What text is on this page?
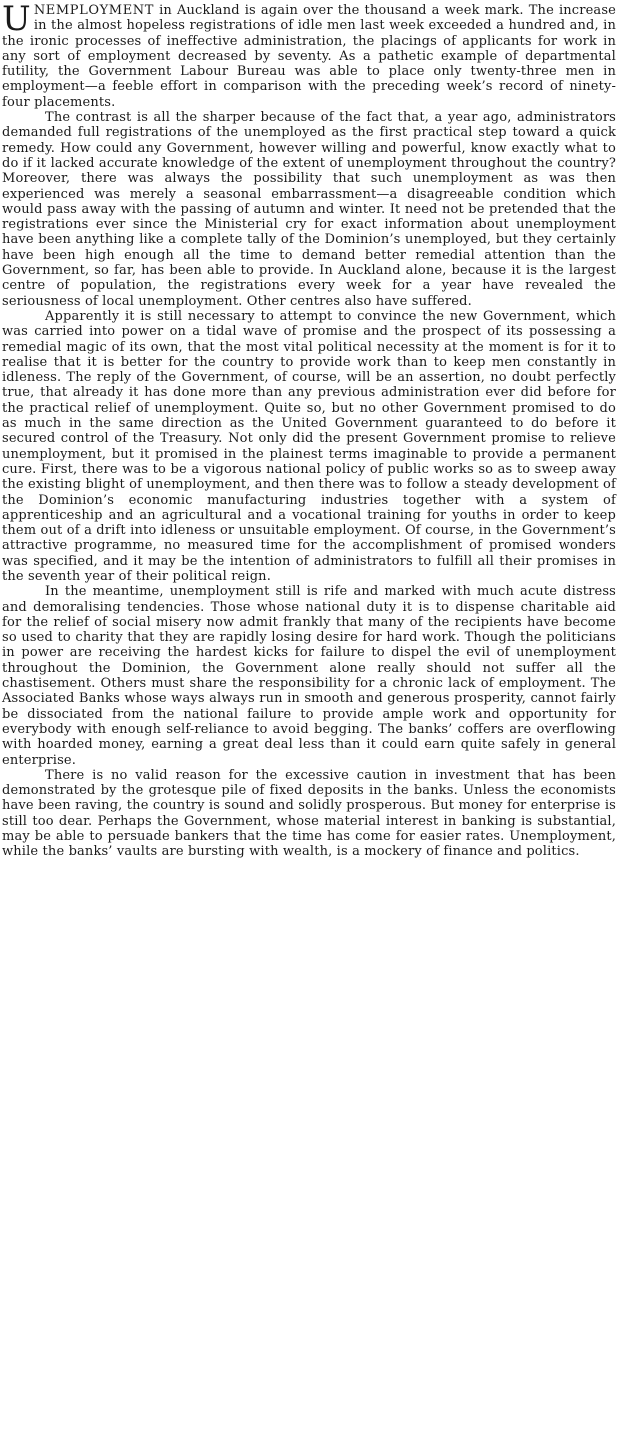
UNEMPLOYMENT in Auckland is again over the thousand a week mark. The increase in the almost hopeless registrations of idle men last week exceeded a hundred and, in the ironic processes of ineffective administration, the placings of applicants for work in any sort of employment decreased by seventy. As a pathetic example of departmental futility, the Government Labour Bureau was able to place only twenty-three men in employment—a feeble effort in comparison with the preceding week’s record of ninety-four placements.

The contrast is all the sharper because of the fact that, a year ago, administrators demanded full registrations of the unemployed as the first practical step toward a quick remedy. How could any Government, however willing and powerful, know exactly what to do if it lacked accurate knowledge of the extent of unemployment throughout the country? Moreover, there was always the possibility that such unemployment as was then experienced was merely a seasonal embarrassment—a disagreeable condition which would pass away with the passing of autumn and winter. It need not be pretended that the registrations ever since the Ministerial cry for exact information about unemployment have been anything like a complete tally of the Dominion’s unemployed, but they certainly have been high enough all the time to demand better remedial attention than the Government, so far, has been able to provide. In Auckland alone, because it is the largest centre of population, the registrations every week for a year have revealed the seriousness of local unemployment. Other centres also have suffered.

Apparently it is still necessary to attempt to convince the new Government, which was carried into power on a tidal wave of promise and the prospect of its possessing a remedial magic of its own, that the most vital political necessity at the moment is for it to realise that it is better for the country to provide work than to keep men constantly in idleness. The reply of the Government, of course, will be an assertion, no doubt perfectly true, that already it has done more than any previous administration ever did before for the practical relief of unemployment. Quite so, but no other Government promised to do as much in the same direction as the United Government guaranteed to do before it secured control of the Treasury. Not only did the present Government promise to relieve unemployment, but it promised in the plainest terms imaginable to provide a permanent cure. First, there was to be a vigorous national policy of public works so as to sweep away the existing blight of unemployment, and then there was to follow a steady development of the Dominion’s economic manufacturing industries together with a system of apprenticeship and an agricultural and a vocational training for youths in order to keep them out of a drift into idleness or unsuitable employment. Of course, in the Government’s attractive programme, no measured time for the accomplishment of promised wonders was specified, and it may be the intention of administrators to fulfill all their promises in the seventh year of their political reign.

In the meantime, unemployment still is rife and marked with much acute distress and demoralising tendencies. Those whose national duty it is to dispense charitable aid for the relief of social misery now admit frankly that many of the recipients have become so used to charity that they are rapidly losing desire for hard work. Though the politicians in power are receiving the hardest kicks for failure to dispel the evil of unemployment throughout the Dominion, the Government alone really should not suffer all the chastisement. Others must share the responsibility for a chronic lack of employment. The Associated Banks whose ways always run in smooth and generous prosperity, cannot fairly be dissociated from the national failure to provide ample work and opportunity for everybody with enough self-reliance to avoid begging. The banks’ coffers are overflowing with hoarded money, earning a great deal less than it could earn quite safely in general enterprise.

There is no valid reason for the excessive caution in investment that has been demonstrated by the grotesque pile of fixed deposits in the banks. Unless the economists have been raving, the country is sound and solidly prosperous. But money for enterprise is still too dear. Perhaps the Government, whose material interest in banking is substantial, may be able to persuade bankers that the time has come for easier rates. Unemployment, while the banks’ vaults are bursting with wealth, is a mockery of finance and politics.
